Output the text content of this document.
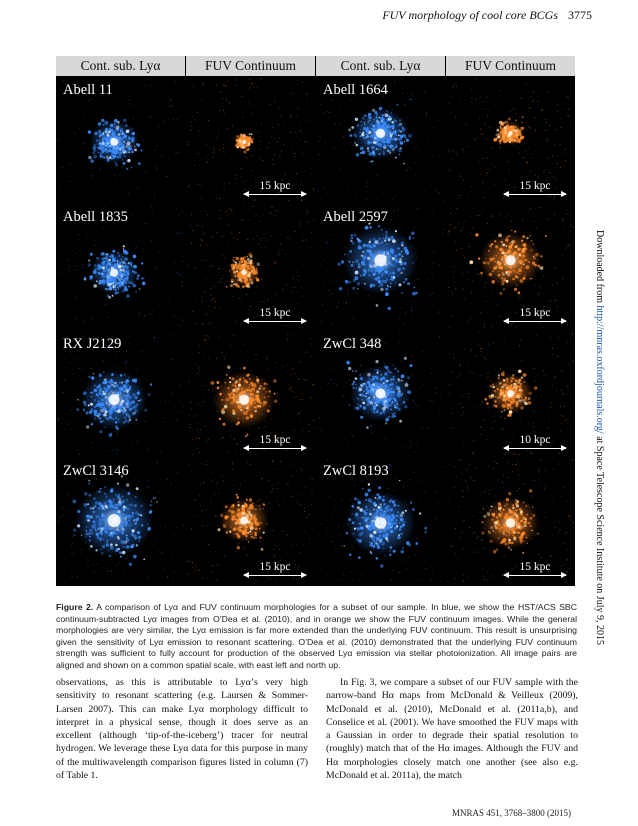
FUV morphology of cool core BCGs 3775
Cont. sub. Lyα	FUV Continuum	Cont. sub. Lyα	FUV Continuum
Abell 11
15 kpc
Abell 1664
15 kpc
Abell 1835
15 kpc
Abell 2597
15 kpc
RX J2129
15 kpc
ZwCl 348
10 kpc
ZwCl 3146
15 kpc
ZwCl 8193
15 kpc
Downloaded from http://mnras.oxfordjournals.org/ at Space Telescope Science Institute on July 9, 2015
Figure 2. A comparison of Lyα and FUV continuum morphologies for a subset of our sample. In blue, we show the HST/ACS SBC continuum-subtracted Lyα images from O’Dea et al. (2010), and in orange we show the FUV continuum images. While the general morphologies are very similar, the Lyα emission is far more extended than the underlying FUV continuum. This result is unsurprising given the sensitivity of Lyα emission to resonant scattering. O’Dea et al. (2010) demonstrated that the underlying FUV continuum strength was sufficient to fully account for production of the observed Lyα emission via stellar photoionization. All image pairs are aligned and shown on a common spatial scale, with east left and north up.

observations, as this is attributable to Lyα’s very high sensitivity to resonant scattering (e.g. Laursen & Sommer-Larsen 2007). This can make Lyα morphology difficult to interpret in a physical sense, though it does serve as an excellent (although ‘tip-of-the-iceberg’) tracer for neutral hydrogen. We leverage these Lyα data for this purpose in many of the multiwavelength comparison figures listed in column (7) of Table 1.

In Fig. 3, we compare a subset of our FUV sample with the narrow-band Hα maps from McDonald & Veilleux (2009), McDonald et al. (2010), McDonald et al. (2011a,b), and Conselice et al. (2001). We have smoothed the FUV maps with a Gaussian in order to degrade their spatial resolution to (roughly) match that of the Hα images. Although the FUV and Hα morphologies closely match one another (see also e.g. McDonald et al. 2011a), the match

MNRAS 451, 3768–3800 (2015)
